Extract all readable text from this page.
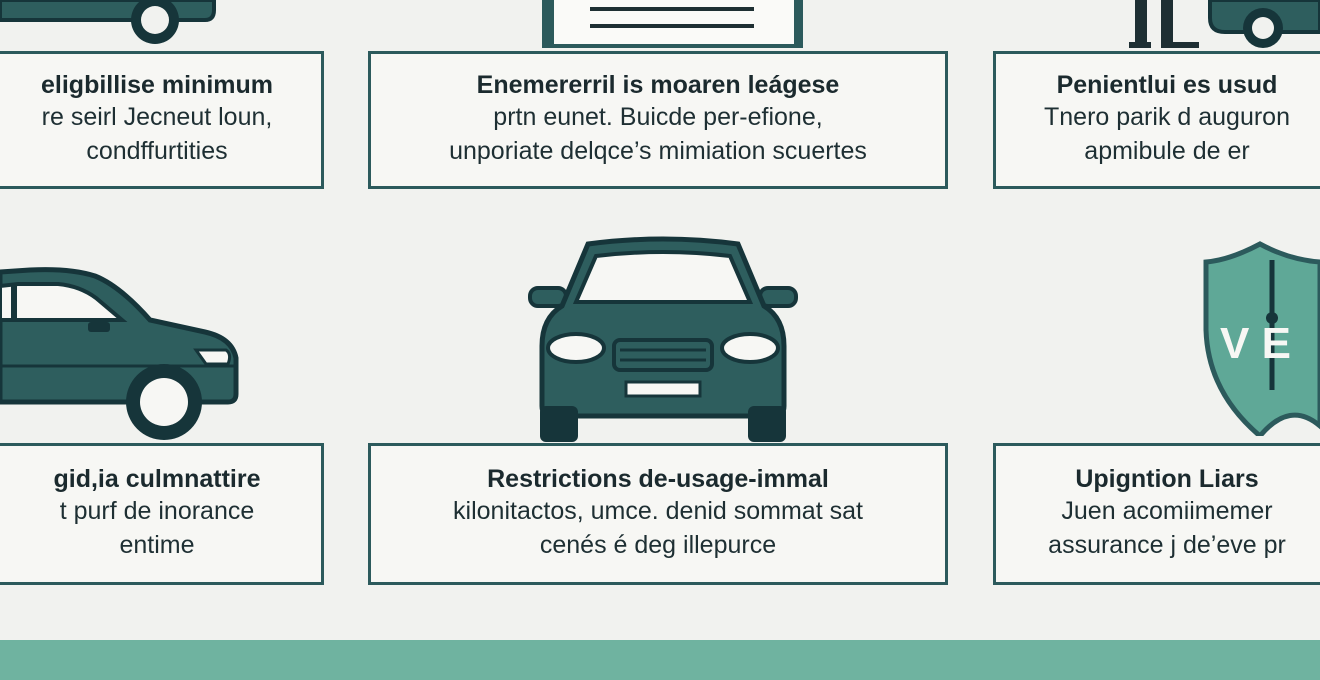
eligbillise minimum
re seirl Jecneut loun,
condffurtities
Enemererril is moaren leágese
prtn eunet. Buicde per-efione,
unporiate delqce’s mimiation scuertes
Penientlui es usud
Tnero parik d auguron
apmibule de er
V E
gid,ia culmnattire
t purf de inorance
entime
Restrictions de-usage-immal
kilonitactos, umce. denid sommat sat
cenés é deg illepurce
Upigntion Liars
Juen acomiimemer
assurance j de’eve pr
